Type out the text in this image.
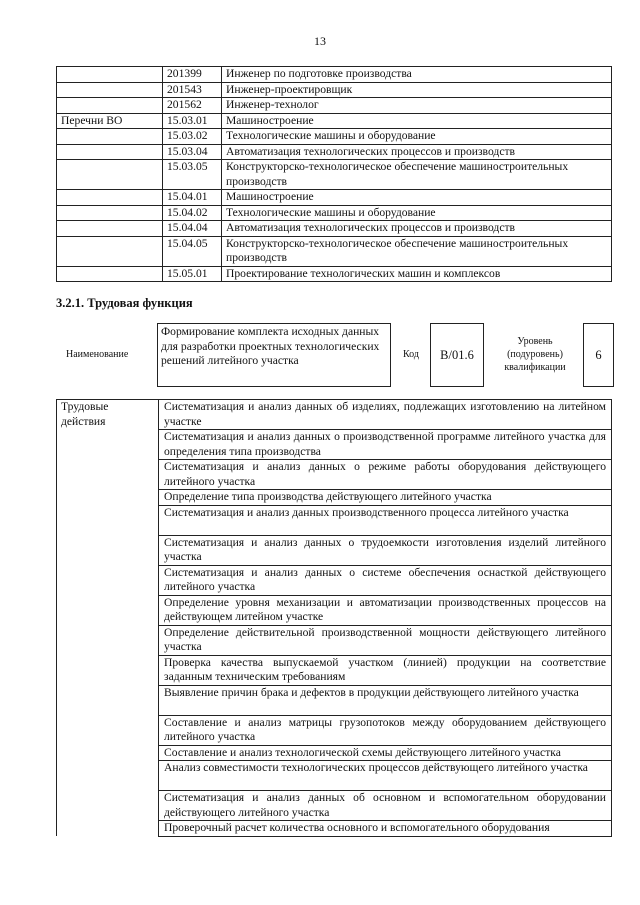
13
	201399	Инженер по подготовке производства
	201543	Инженер-проектировщик
	201562	Инженер-технолог
Перечни ВО	15.03.01	Машиностроение
	15.03.02	Технологические машины и оборудование
	15.03.04	Автоматизация технологических процессов и производств
	15.03.05	Конструкторско-технологическое обеспечение машиностроительных производств
	15.04.01	Машиностроение
	15.04.02	Технологические машины и оборудование
	15.04.04	Автоматизация технологических процессов и производств
	15.04.05	Конструкторско-технологическое обеспечение машиностроительных производств
	15.05.01	Проектирование технологических машин и комплексов
3.2.1. Трудовая функция
Наименование
Формирование комплекта исходных данных для разработки проектных технологических решений литейного участка	Код	B/01.6
Уровень (подуровень) квалификации
6
Трудовые действия	Систематизация и анализ данных об изделиях, подлежащих изготовлению на литейном участке
Систематизация и анализ данных о производственной программе литейного участка для определения типа производства
Систематизация и анализ данных о режиме работы оборудования действующего литейного участка
Определение типа производства действующего литейного участка
Систематизация и анализ данных производственного процесса литейного участка
Систематизация и анализ данных о трудоемкости изготовления изделий литейного участка
Систематизация и анализ данных о системе обеспечения оснасткой действующего литейного участка
Определение уровня механизации и автоматизации производственных процессов на действующем литейном участке
Определение действительной производственной мощности действующего литейного участка
Проверка качества выпускаемой участком (линией) продукции на соответствие заданным техническим требованиям
Выявление причин брака и дефектов в продукции действующего литейного участка
Составление и анализ матрицы грузопотоков между оборудованием действующего литейного участка
Составление и анализ технологической схемы действующего литейного участка
Анализ совместимости технологических процессов действующего литейного участка
Систематизация и анализ данных об основном и вспомогательном оборудовании действующего литейного участка
Проверочный расчет количества основного и вспомогательного оборудования
